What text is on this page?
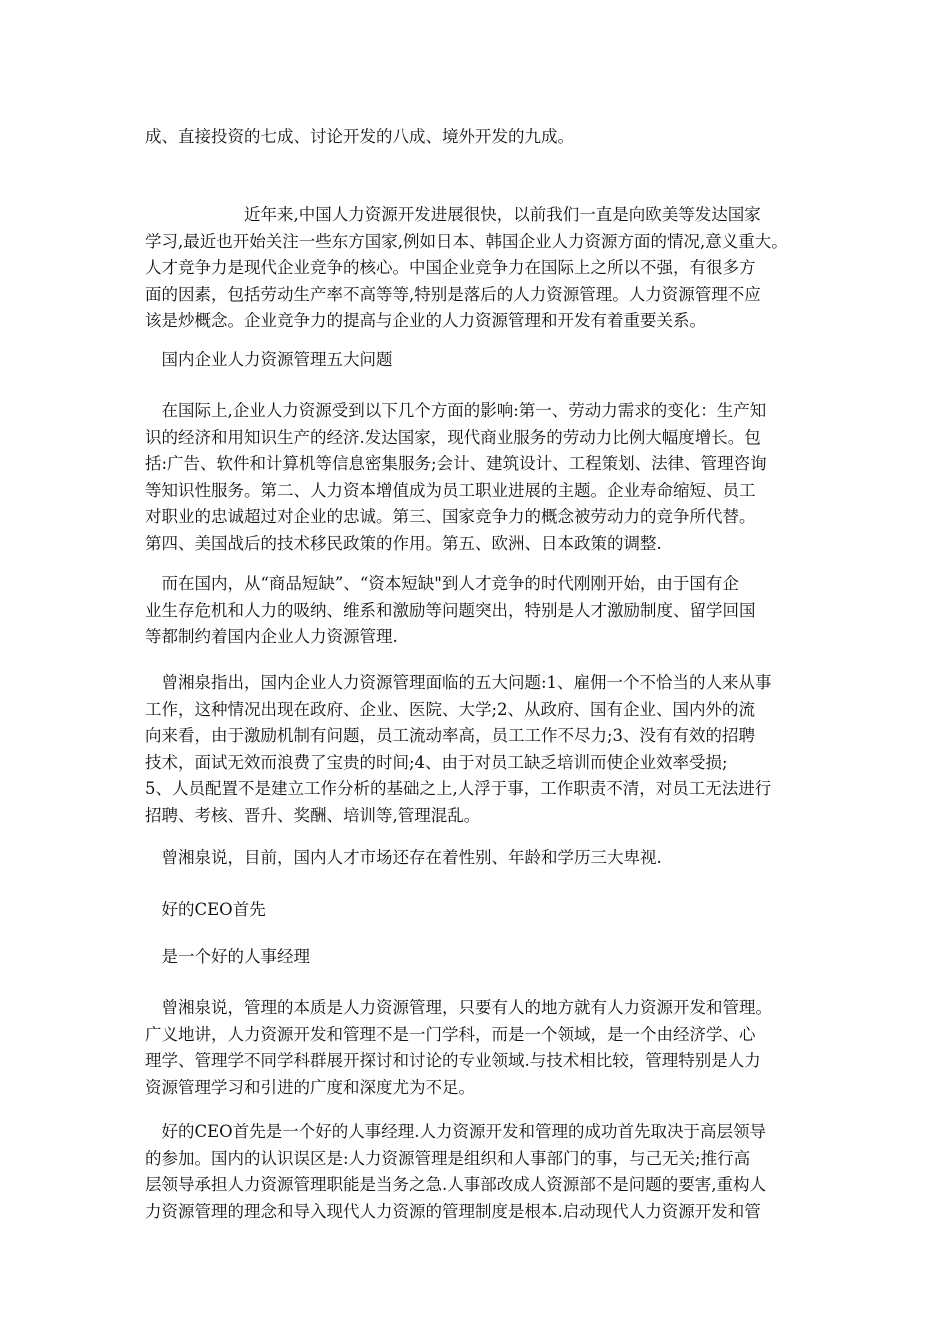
成、直接投资的七成、讨论开发的八成、境外开发的九成。
　　　　　　近年来,中国人力资源开发进展很快，以前我们一直是向欧美等发达国家
学习,最近也开始关注一些东方国家,例如日本、韩国企业人力资源方面的情况,意义重大。
人才竞争力是现代企业竞争的核心。中国企业竞争力在国际上之所以不强，有很多方
面的因素，包括劳动生产率不高等等,特别是落后的人力资源管理。人力资源管理不应
该是炒概念。企业竞争力的提高与企业的人力资源管理和开发有着重要关系。
　国内企业人力资源管理五大问题
　在国际上,企业人力资源受到以下几个方面的影响:第一、劳动力需求的变化：生产知
识的经济和用知识生产的经济.发达国家，现代商业服务的劳动力比例大幅度增长。包
括:广告、软件和计算机等信息密集服务;会计、建筑设计、工程策划、法律、管理咨询
等知识性服务。第二、人力资本增值成为员工职业进展的主题。企业寿命缩短、员工
对职业的忠诚超过对企业的忠诚。第三、国家竞争力的概念被劳动力的竞争所代替。
第四、美国战后的技术移民政策的作用。第五、欧洲、日本政策的调整.
　而在国内，从“商品短缺”、“资本短缺"到人才竞争的时代刚刚开始，由于国有企
业生存危机和人力的吸纳、维系和激励等问题突出，特别是人才激励制度、留学回国
等都制约着国内企业人力资源管理.
　曾湘泉指出，国内企业人力资源管理面临的五大问题:1、雇佣一个不恰当的人来从事
工作，这种情况出现在政府、企业、医院、大学;2、从政府、国有企业、国内外的流
向来看，由于激励机制有问题，员工流动率高，员工工作不尽力;3、没有有效的招聘
技术，面试无效而浪费了宝贵的时间;4、由于对员工缺乏培训而使企业效率受损;
5、人员配置不是建立工作分析的基础之上,人浮于事，工作职责不清，对员工无法进行
招聘、考核、晋升、奖酬、培训等,管理混乱。
　曾湘泉说，目前，国内人才市场还存在着性别、年龄和学历三大卑视.
　好的CEO首先
　是一个好的人事经理
　曾湘泉说，管理的本质是人力资源管理，只要有人的地方就有人力资源开发和管理。
广义地讲，人力资源开发和管理不是一门学科，而是一个领域，是一个由经济学、心
理学、管理学不同学科群展开探讨和讨论的专业领域.与技术相比较，管理特别是人力
资源管理学习和引进的广度和深度尤为不足。
　好的CEO首先是一个好的人事经理.人力资源开发和管理的成功首先取决于高层领导
的参加。国内的认识误区是:人力资源管理是组织和人事部门的事，与己无关;推行高
层领导承担人力资源管理职能是当务之急.人事部改成人资源部不是问题的要害,重构人
力资源管理的理念和导入现代人力资源的管理制度是根本.启动现代人力资源开发和管
